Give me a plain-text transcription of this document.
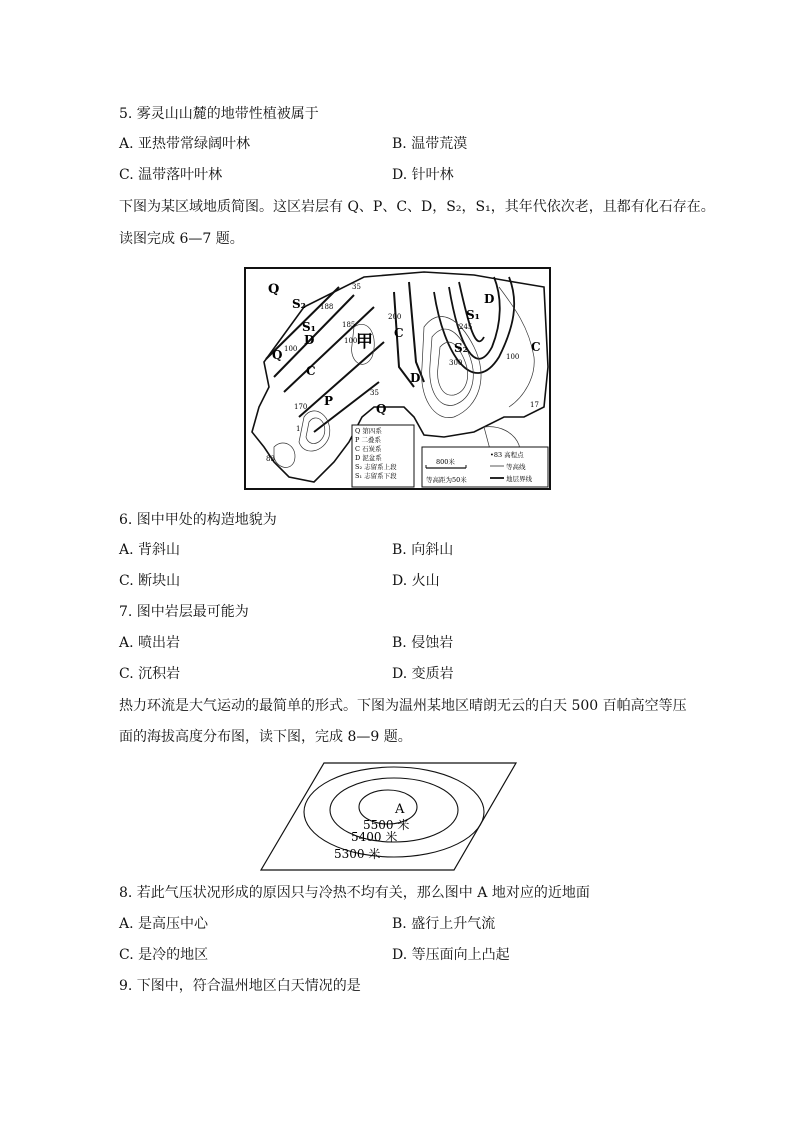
5. 雾灵山山麓的地带性植被属于
A. 亚热带常绿阔叶林	B. 温带荒漠
C. 温带落叶叶林	D. 针叶林
下图为某区域地质简图。这区岩层有 Q、P、C、D，S₂，S₁，其年代依次老，且都有化石存在。
读图完成 6—7 题。
Q
S₂
S₁
D
C
P
Q
D
C
S₁
S₂
D
C
Q
甲
35
188
185
100
100
200
245
300
170
35
100
17
83
1	Q 第四系
P 二叠系
C 石炭系
D 泥盆系
S₂ 志留系上段
S₁ 志留系下段
800米
等高距为50米
•83 高程点
等高线
地层界线
6. 图中甲处的构造地貌为
A. 背斜山	B. 向斜山
C. 断块山	D. 火山
7. 图中岩层最可能为
A. 喷出岩	B. 侵蚀岩
C. 沉积岩	D. 变质岩
热力环流是大气运动的最简单的形式。下图为温州某地区晴朗无云的白天 500 百帕高空等压
面的海拔高度分布图，读下图，完成 8—9 题。
A
5500 米
5400 米
5300 米
8. 若此气压状况形成的原因只与冷热不均有关，那么图中 A 地对应的近地面
A. 是高压中心	B. 盛行上升气流
C. 是冷的地区	D. 等压面向上凸起
9. 下图中，符合温州地区白天情况的是
